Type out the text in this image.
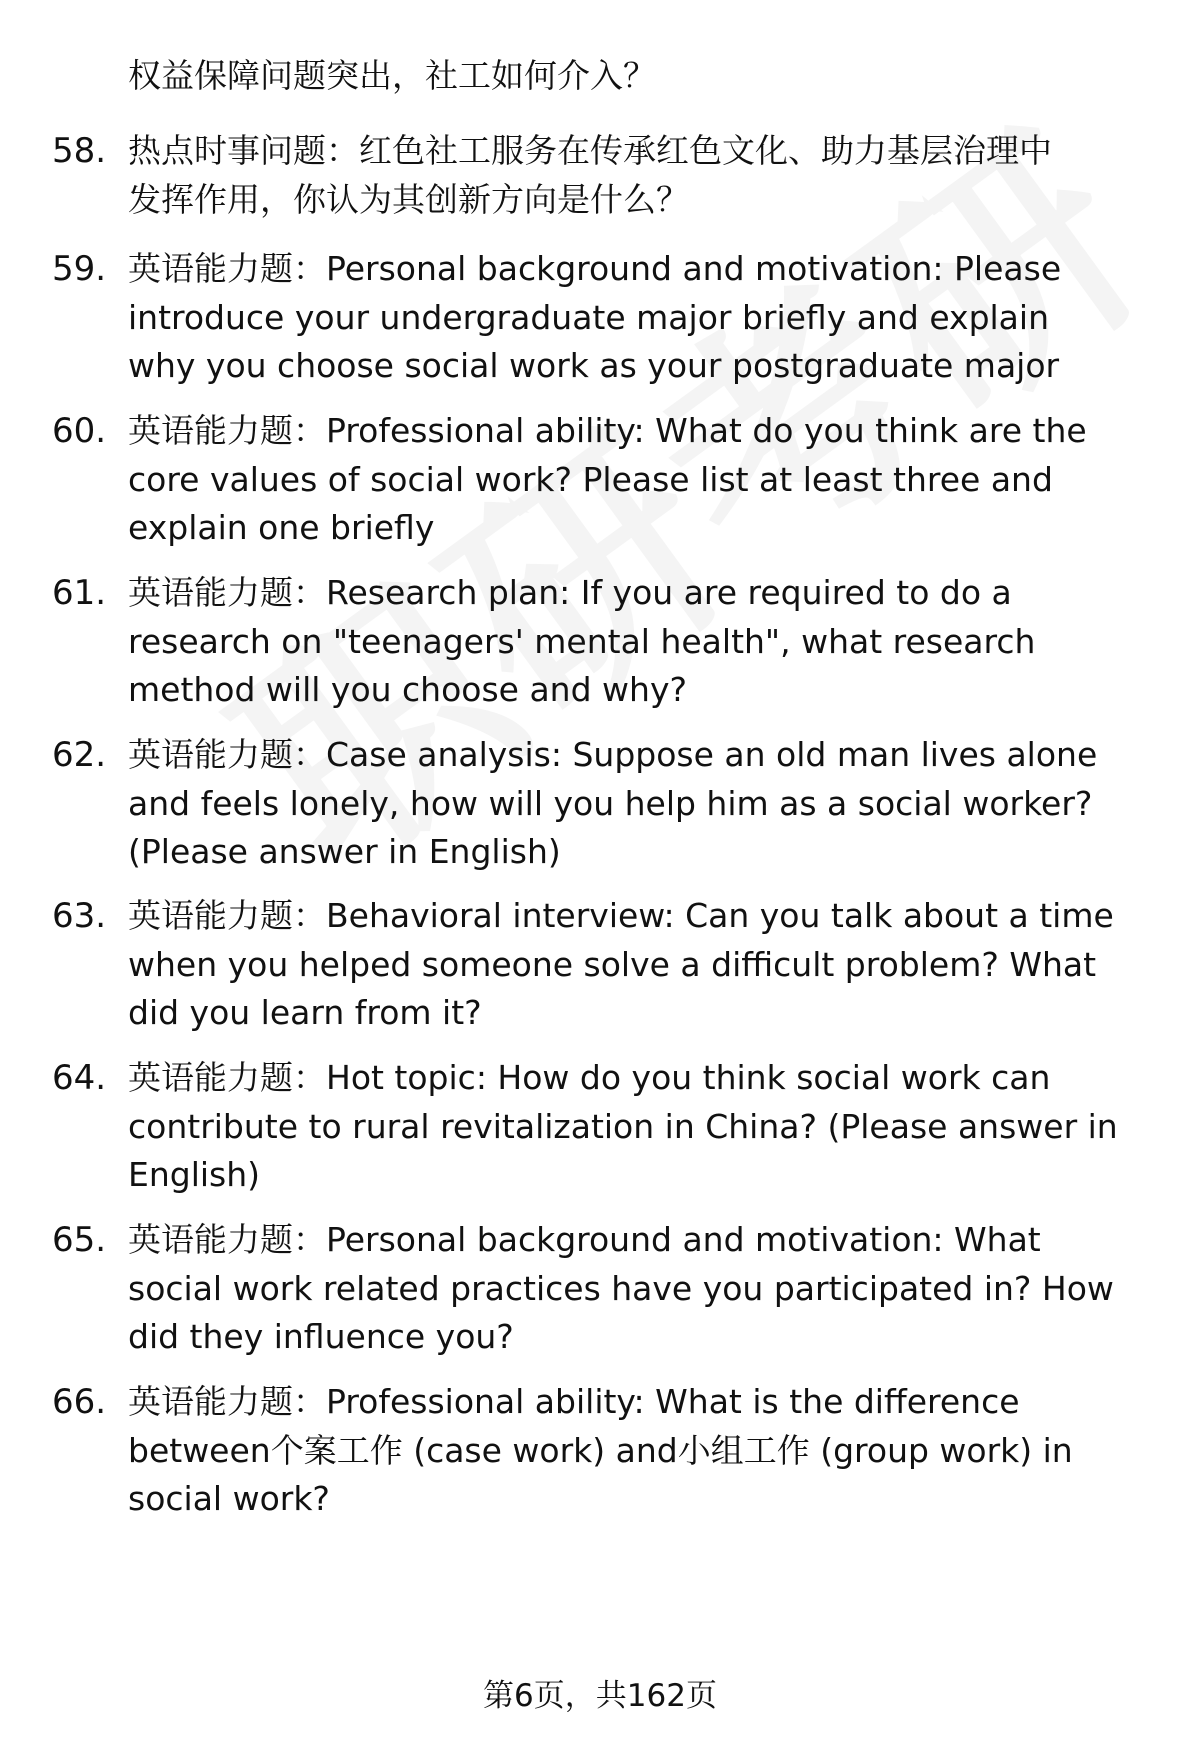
权益保障问题突出，社工如何介入？
58. 热点时事问题：红色社工服务在传承红色文化、助力基层治理中
发挥作用，你认为其创新方向是什么？
59. 英语能力题：Personal background and motivation: Please
introduce your undergraduate major briefly and explain
why you choose social work as your postgraduate major
60. 英语能力题：Professional ability: What do you think are the
core values of social work? Please list at least three and
explain one briefly
61. 英语能力题：Research plan: If you are required to do a
research on "teenagers' mental health", what research
method will you choose and why?
62. 英语能力题：Case analysis: Suppose an old man lives alone
and feels lonely, how will you help him as a social worker?
(Please answer in English)
63. 英语能力题：Behavioral interview: Can you talk about a time
when you helped someone solve a difficult problem? What
did you learn from it?
64. 英语能力题：Hot topic: How do you think social work can
contribute to rural revitalization in China? (Please answer in
English)
65. 英语能力题：Personal background and motivation: What
social work related practices have you participated in? How
did they influence you?
66. 英语能力题：Professional ability: What is the difference
between个案工作 (case work) and小组工作 (group work) in
social work?
第6页，共162页
